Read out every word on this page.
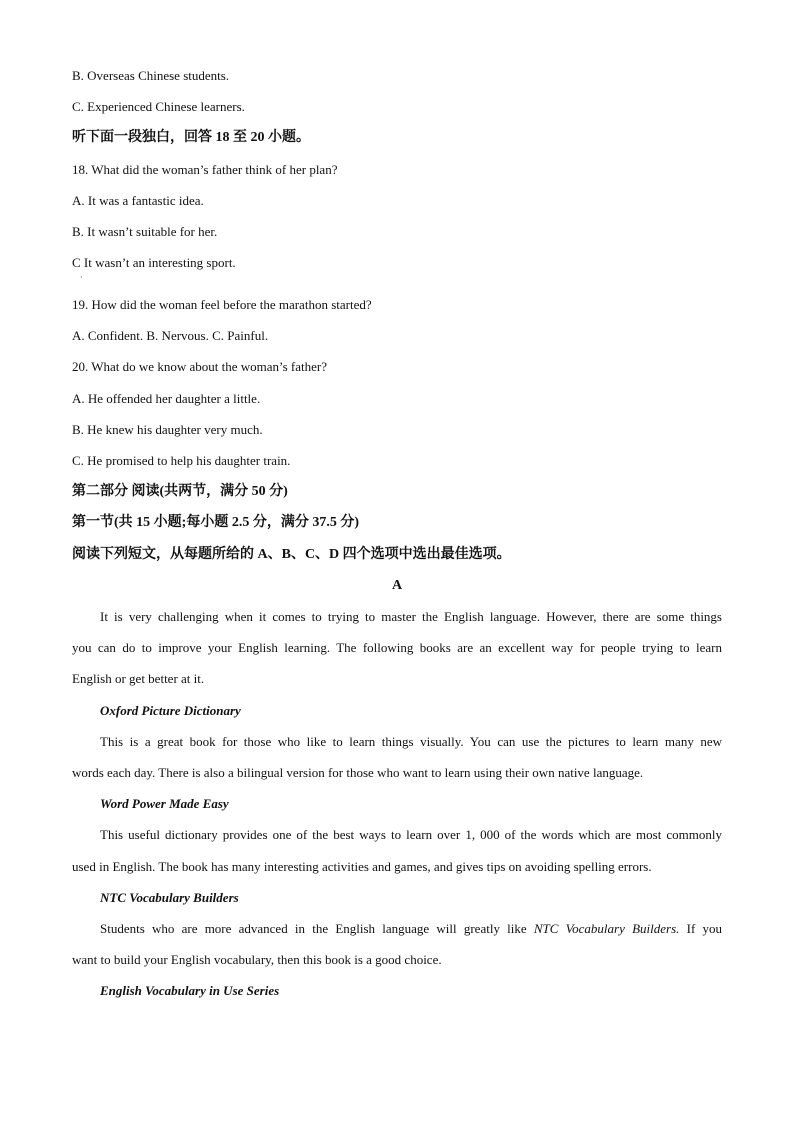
B. Overseas Chinese students.
C. Experienced Chinese learners.
听下面一段独白，回答 18 至 20 小题。
18. What did the woman’s father think of her plan?
A. It was a fantastic idea.
B. It wasn’t suitable for her.
C It wasn’t an interesting sport.
·
19. How did the woman feel before the marathon started?
A. Confident. B. Nervous. C. Painful.
20. What do we know about the woman’s father?
A. He offended her daughter a little.
B. He knew his daughter very much.
C. He promised to help his daughter train.
第二部分 阅读(共两节，满分 50 分)
第一节(共 15 小题;每小题 2.5 分，满分 37.5 分)
阅读下列短文，从每题所给的 A、B、C、D 四个选项中选出最佳选项。
A
It is very challenging when it comes to trying to master the English language. However, there are some things
you can do to improve your English learning. The following books are an excellent way for people trying to learn
English or get better at it.
Oxford Picture Dictionary
This is a great book for those who like to learn things visually. You can use the pictures to learn many new
words each day. There is also a bilingual version for those who want to learn using their own native language.
Word Power Made Easy
This useful dictionary provides one of the best ways to learn over 1, 000 of the words which are most commonly
used in English. The book has many interesting activities and games, and gives tips on avoiding spelling errors.
NTC Vocabulary Builders
Students who are more advanced in the English language will greatly like NTC Vocabulary Builders. If you
want to build your English vocabulary, then this book is a good choice.
English Vocabulary in Use Series
